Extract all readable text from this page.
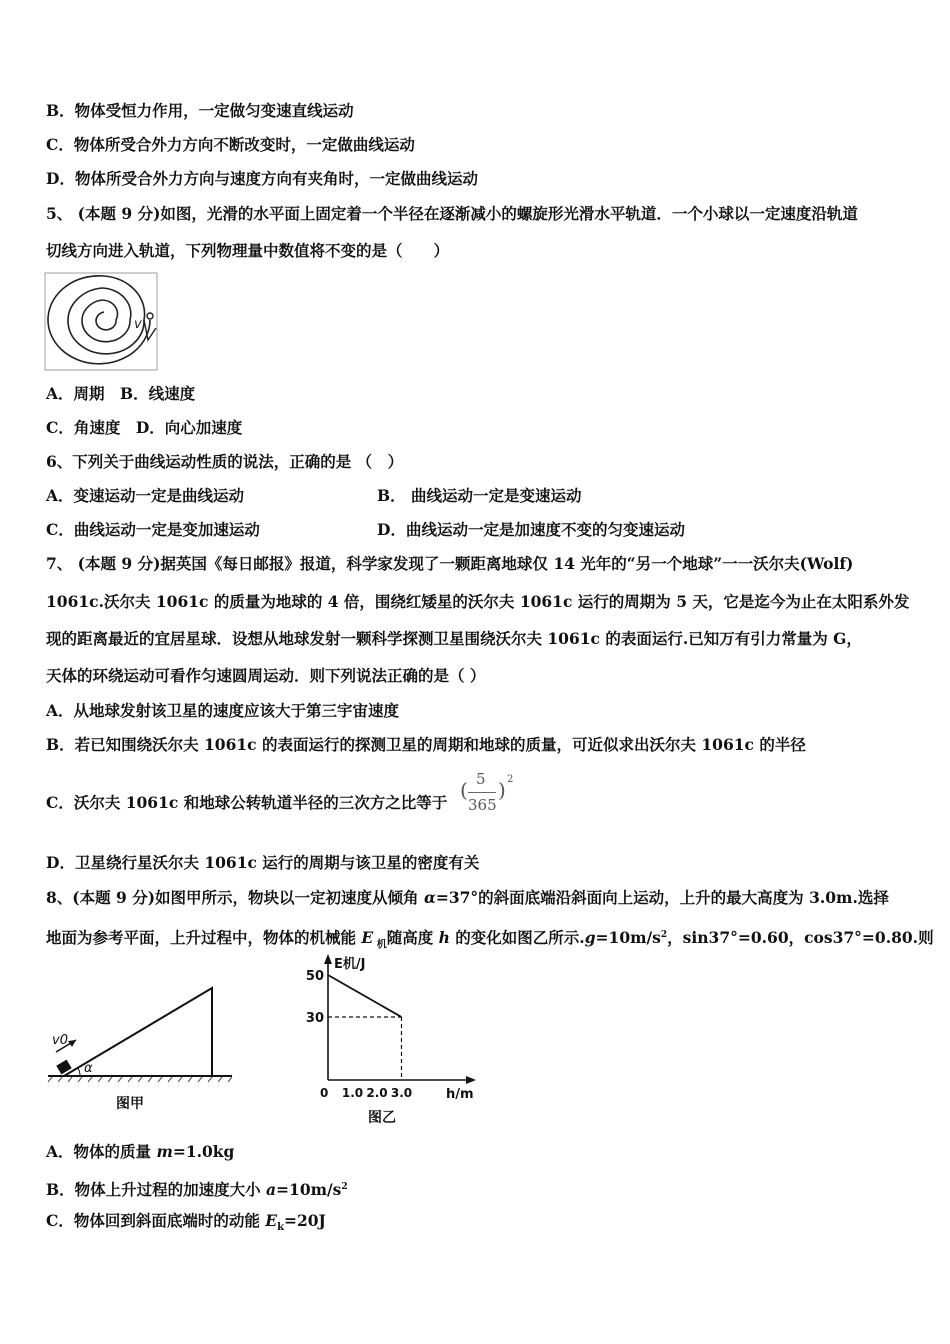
B．物体受恒力作用，一定做匀变速直线运动
C．物体所受合外力方向不断改变时，一定做曲线运动
D．物体所受合外力方向与速度方向有夹角时，一定做曲线运动
5、 (本题 9 分)如图，光滑的水平面上固定着一个半径在逐渐减小的螺旋形光滑水平轨道．一个小球以一定速度沿轨道
切线方向进入轨道，下列物理量中数值将不变的是（　　）
v
A．周期　B．线速度
C．角速度　D．向心加速度
6、下列关于曲线运动性质的说法，正确的是 （　）
A．变速运动一定是曲线运动	B． 曲线运动一定是变速运动
C．曲线运动一定是变加速运动	D．曲线运动一定是加速度不变的匀变速运动
7、 (本题 9 分)据英国《每日邮报》报道，科学家发现了一颗距离地球仅 14 光年的“另一个地球”一一沃尔夫(Wolf)
1061c.沃尔夫 1061c 的质量为地球的 4 倍，围绕红矮星的沃尔夫 1061c 运行的周期为 5 天，它是迄今为止在太阳系外发
现的距离最近的宜居星球．设想从地球发射一颗科学探测卫星围绕沃尔夫 1061c 的表面运行.已知万有引力常量为 G，
天体的环绕运动可看作匀速圆周运动．则下列说法正确的是（ ）
A．从地球发射该卫星的速度应该大于第三宇宙速度
B．若已知围绕沃尔夫 1061c 的表面运行的探测卫星的周期和地球的质量，可近似求出沃尔夫 1061c 的半径
C．沃尔夫 1061c 和地球公转轨道半径的三次方之比等于
( 5
365
) 2
D．卫星绕行星沃尔夫 1061c 运行的周期与该卫星的密度有关
8、(本题 9 分)如图甲所示，物块以一定初速度从倾角 α=37°的斜面底端沿斜面向上运动，上升的最大高度为 3.0m.选择
地面为参考平面，上升过程中，物体的机械能 E $_机$随高度 h 的变化如图乙所示$.g=10m/s^2$，sin37°=0.60，cos37°=0.80.则
v0
α
图甲
E机/J
h/m
30
50
0 1.0 2.0 3.0
图乙
A．物体的质量 m=1.0kg
B．物体上升过程的加速度大小 $a=10m/s^2$
C．物体回到斜面底端时的动能 $E_k=20J$
